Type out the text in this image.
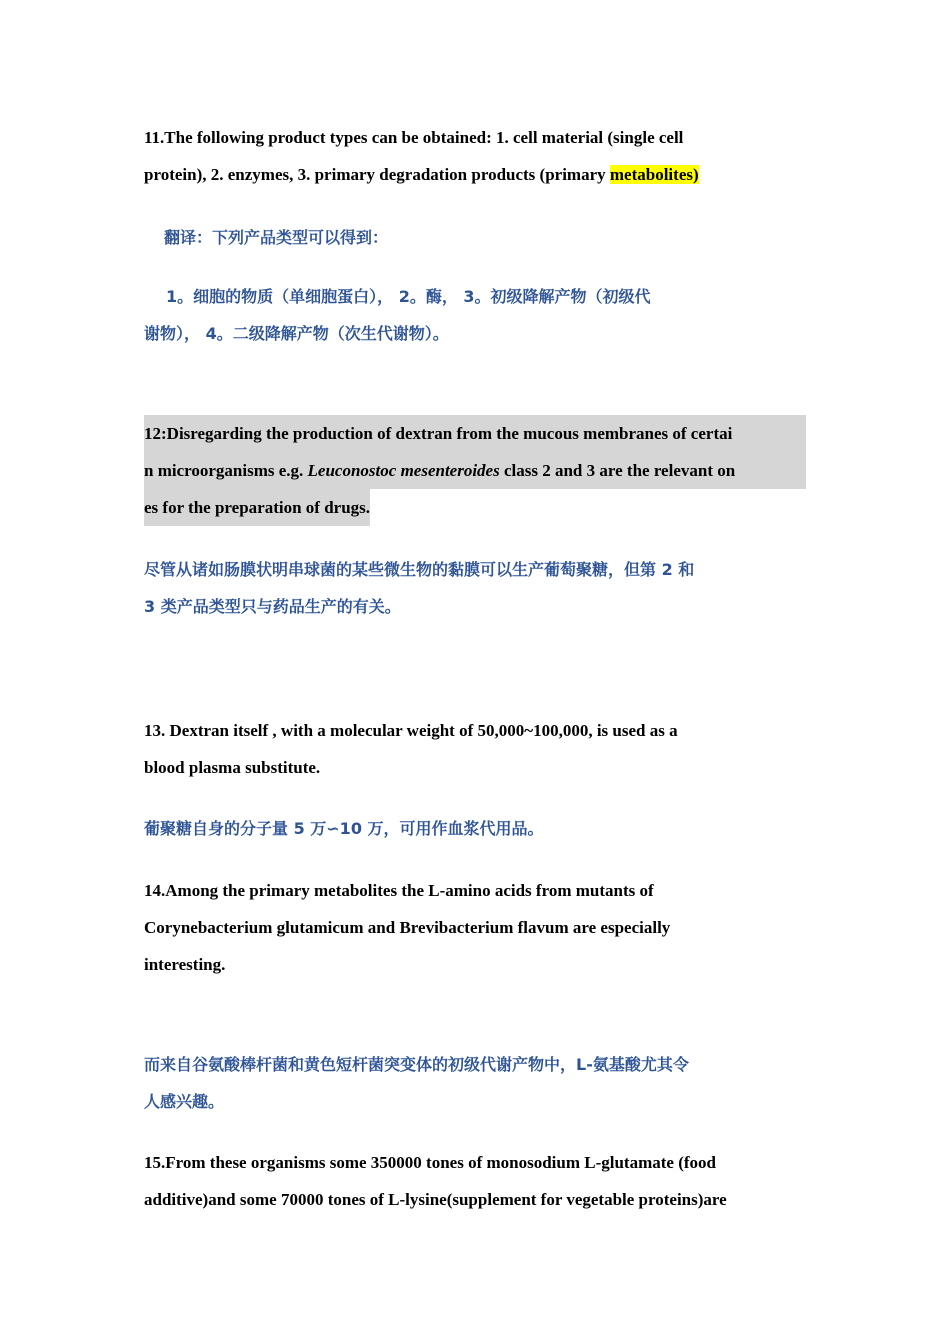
11.The following product types can be obtained: 1. cell material (single cell
protein), 2. enzymes, 3. primary degradation products (primary metabolites)
翻译：下列产品类型可以得到：
1。细胞的物质（单细胞蛋白）， 2。酶， 3。初级降解产物（初级代
谢物）， 4。二级降解产物（次生代谢物）。
12:Disregarding the production of dextran from the mucous membranes of certai
n microorganisms e.g. Leuconostoc mesenteroides class 2 and 3 are the relevant on
es for the preparation of drugs.
尽管从诸如肠膜状明串球菌的某些微生物的黏膜可以生产葡萄聚糖，但第 2 和
3 类产品类型只与药品生产的有关。
13. Dextran itself , with a molecular weight of 50,000~100,000, is used as a
blood plasma substitute.
葡聚糖自身的分子量 5 万∽10 万，可用作血浆代用品。
14.Among the primary metabolites the L-amino acids from mutants of
Corynebacterium glutamicum and Brevibacterium flavum are especially
interesting.
而来自谷氨酸棒杆菌和黄色短杆菌突变体的初级代谢产物中，L-氨基酸尤其令
人感兴趣。
15.From these organisms some 350000 tones of monosodium L-glutamate (food
additive)and some 70000 tones of L-lysine(supplement for vegetable proteins)are
